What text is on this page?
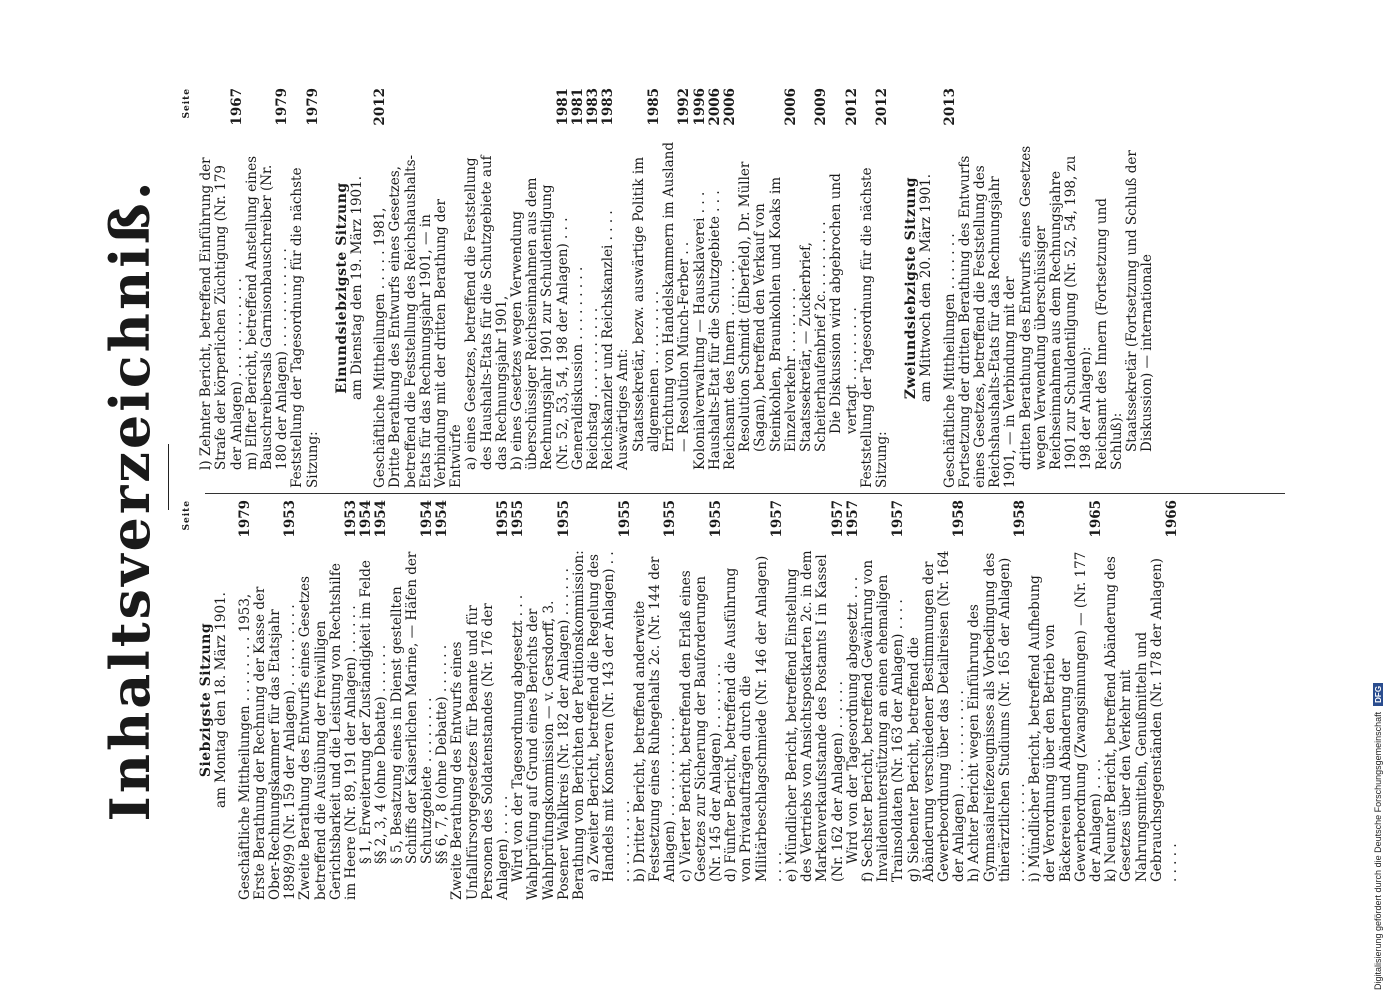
Inhaltsverzeichniß. Seite
Siebzigste Sitzung am Montag den 18. März 1901. Geschäftliche Mittheilungen . . . . . . . . 1953,
1979
Erste Berathung der Rechnung der Kasse der Ober-Rechnungskammer für das Etatsjahr 1898/99 (Nr. 159 der Anlagen) . . . . . . . . . .
1953
Zweite Berathung des Entwurfs eines Gesetzes betreffend die Ausübung der freiwilligen Gerichtsbarkeit und die Leistung von Rechtshilfe im Heere (Nr. 89, 191 der Anlagen) . . . . . .
1953
§ 1, Erweiterung der Zuständigkeit im Felde
1954
§§ 2, 3, 4 (ohne Debatte) . . . . . .
1954
§ 5, Besatzung eines in Dienst gestellten Schiffs der Kaiserlichen Marine, — Häfen der Schutzgebiete . . . . . . . .
1954
§§ 6, 7, 8 (ohne Debatte) . . . . . .
1954
Zweite Berathung des Entwurfs eines Unfallfürsorgegesetzes für Beamte und für Personen des Soldatenstandes (Nr. 176 der Anlagen) . . . . .
1955
Wird von der Tagesordnung abgesetzt . . .
1955
Wahlprüfung auf Grund eines Berichts der Wahlprüfungskommission — v. Gersdorff, 3. Posener Wahlkreis (Nr. 182 der Anlagen) . . . . . .
1955
Berathung von Berichten der Petitionskommission: a) Zweiter Bericht, betreffend die Regelung des Handels mit Konserven (Nr. 143 der Anlagen) . . . . . . . . . . . .
1955
b) Dritter Bericht, betreffend anderweite Festsetzung eines Ruhegehalts 2c. (Nr. 144 der Anlagen) . . . . . . . . . . . .
1955
c) Vierter Bericht, betreffend den Erlaß eines Gesetzes zur Sicherung der Bauforderungen (Nr. 145 der Anlagen) . . . . . . . .
1955
d) Fünfter Bericht, betreffend die Ausführung von Privataufträgen durch die Militärbeschlagschmiede (Nr. 146 der Anlagen) . . . .
1957
e) Mündlicher Bericht, betreffend Einstellung des Vertriebs von Ansichtspostkarten 2c. in dem Markenverkaufsstande des Postamts I in Kassel (Nr. 162 der Anlagen) . . . . . .
1957
Wird von der Tagesordnung abgesetzt . . .
1957
f) Sechster Bericht, betreffend Gewährung von Invalidenunterstützung an einen ehemaligen Trainsoldaten (Nr. 163 der Anlagen) . . . .
1957
g) Siebenter Bericht, betreffend die Abänderung verschiedener Bestimmungen der Gewerbeordnung über das Detailreisen (Nr. 164 der Anlagen) . . . . . . . . . . . .
1958
h) Achter Bericht wegen Einführung des Gymnasialreifezeugnisses als Vorbedingung des thierärztlichen Studiums (Nr. 165 der Anlagen) . . . . . . . . . . . .
1958
i) Mündlicher Bericht, betreffend Aufhebung der Verordnung über den Betrieb von Bäckereien und Abänderung der Gewerbeordnung (Zwangsinnungen) — (Nr. 177 der Anlagen) . . . .
1965
k) Neunter Bericht, betreffend Abänderung des Gesetzes über den Verkehr mit Nahrungsmitteln, Genußmitteln und Gebrauchsgegenständen (Nr. 178 der Anlagen) . . . . .
1966
Seite
l) Zehnter Bericht, betreffend Einführung der Strafe der körperlichen Züchtigung (Nr. 179 der Anlagen) . . . . . . . . . . . .
1967
m) Elfter Bericht, betreffend Anstellung eines Bauschreibersals Garnisonbauschreiber (Nr. 180 der Anlagen) . . . . . . . . . . . .
1979
Feststellung der Tagesordnung für die nächste Sitzung:
1979
Einundsiebzigste Sitzung am Dienstag den 19. März 1901. Geschäftliche Mittheilungen . . . . . 1981,
2012
Dritte Berathung des Entwurfs eines Gesetzes, betreffend die Feststellung des Reichshaushalts-Etats für das Rechnungsjahr 1901, — in Verbindung mit der dritten Berathung der Entwürfe a) eines Gesetzes, betreffend die Feststellung des Haushalts-Etats für die Schutzgebiete auf das Rechnungsjahr 1901, b) eines Gesetzes wegen Verwendung überschüssiger Reichseinnahmen aus dem Rechnungsjahr 1901 zur Schuldentilgung (Nr. 52, 53, 54, 198 der Anlagen) . . .
1981
Generaldiskussion . . . . . . . . .
1981
Reichstag . . . . . . . . . . .
1983
Reichskanzler und Reichskanzlei . . . .
1983
Auswärtiges Amt: Staatssekretär, bezw. auswärtige Politik im allgemeinen . . . . . . . . .
1985
Errichtung von Handelskammern im Ausland — Resolution Münch-Ferber . .
1992
Kolonialverwaltung — Haussklaverei . . .
1996
Haushalts-Etat für die Schutzgebiete . . .
2006
Reichsamt des Innern . . . . . . .
2006
Resolution Schmidt (Elberfeld), Dr. Müller (Sagan), betreffend den Verkauf von Steinkohlen, Braunkohlen und Koaks im Einzelverkehr . . . . . . . .
2006
Staatssekretär, — Zuckerbrief, Scheiterhaufenbrief 2c. . . . . . . . .
2009
Die Diskussion wird abgebrochen und vertagt . . . . . . . . .
2012
Feststellung der Tagesordnung für die nächste Sitzung:
2012
Zweiundsiebzigste Sitzung am Mittwoch den 20. März 1901. Geschäftliche Mittheilungen . . . . . . .
2013
Fortsetzung der dritten Berathung des Entwurfs eines Gesetzes, betreffend die Feststellung des Reichshaushalts-Etats für das Rechnungsjahr 1901, — in Verbindung mit der dritten Berathung des Entwurfs eines Gesetzes wegen Verwendung überschüssiger Reichseinnahmen aus dem Rechnungsjahre 1901 zur Schuldentilgung (Nr. 52, 54, 198, zu 198 der Anlagen): Reichsamt des Innern (Fortsetzung und Schluß): Staatssekretär (Fortsetzung und Schluß der Diskussion) — internationale
Digitalisierung gefördert durch die Deutsche ForschungsgemeinschaftDFG
